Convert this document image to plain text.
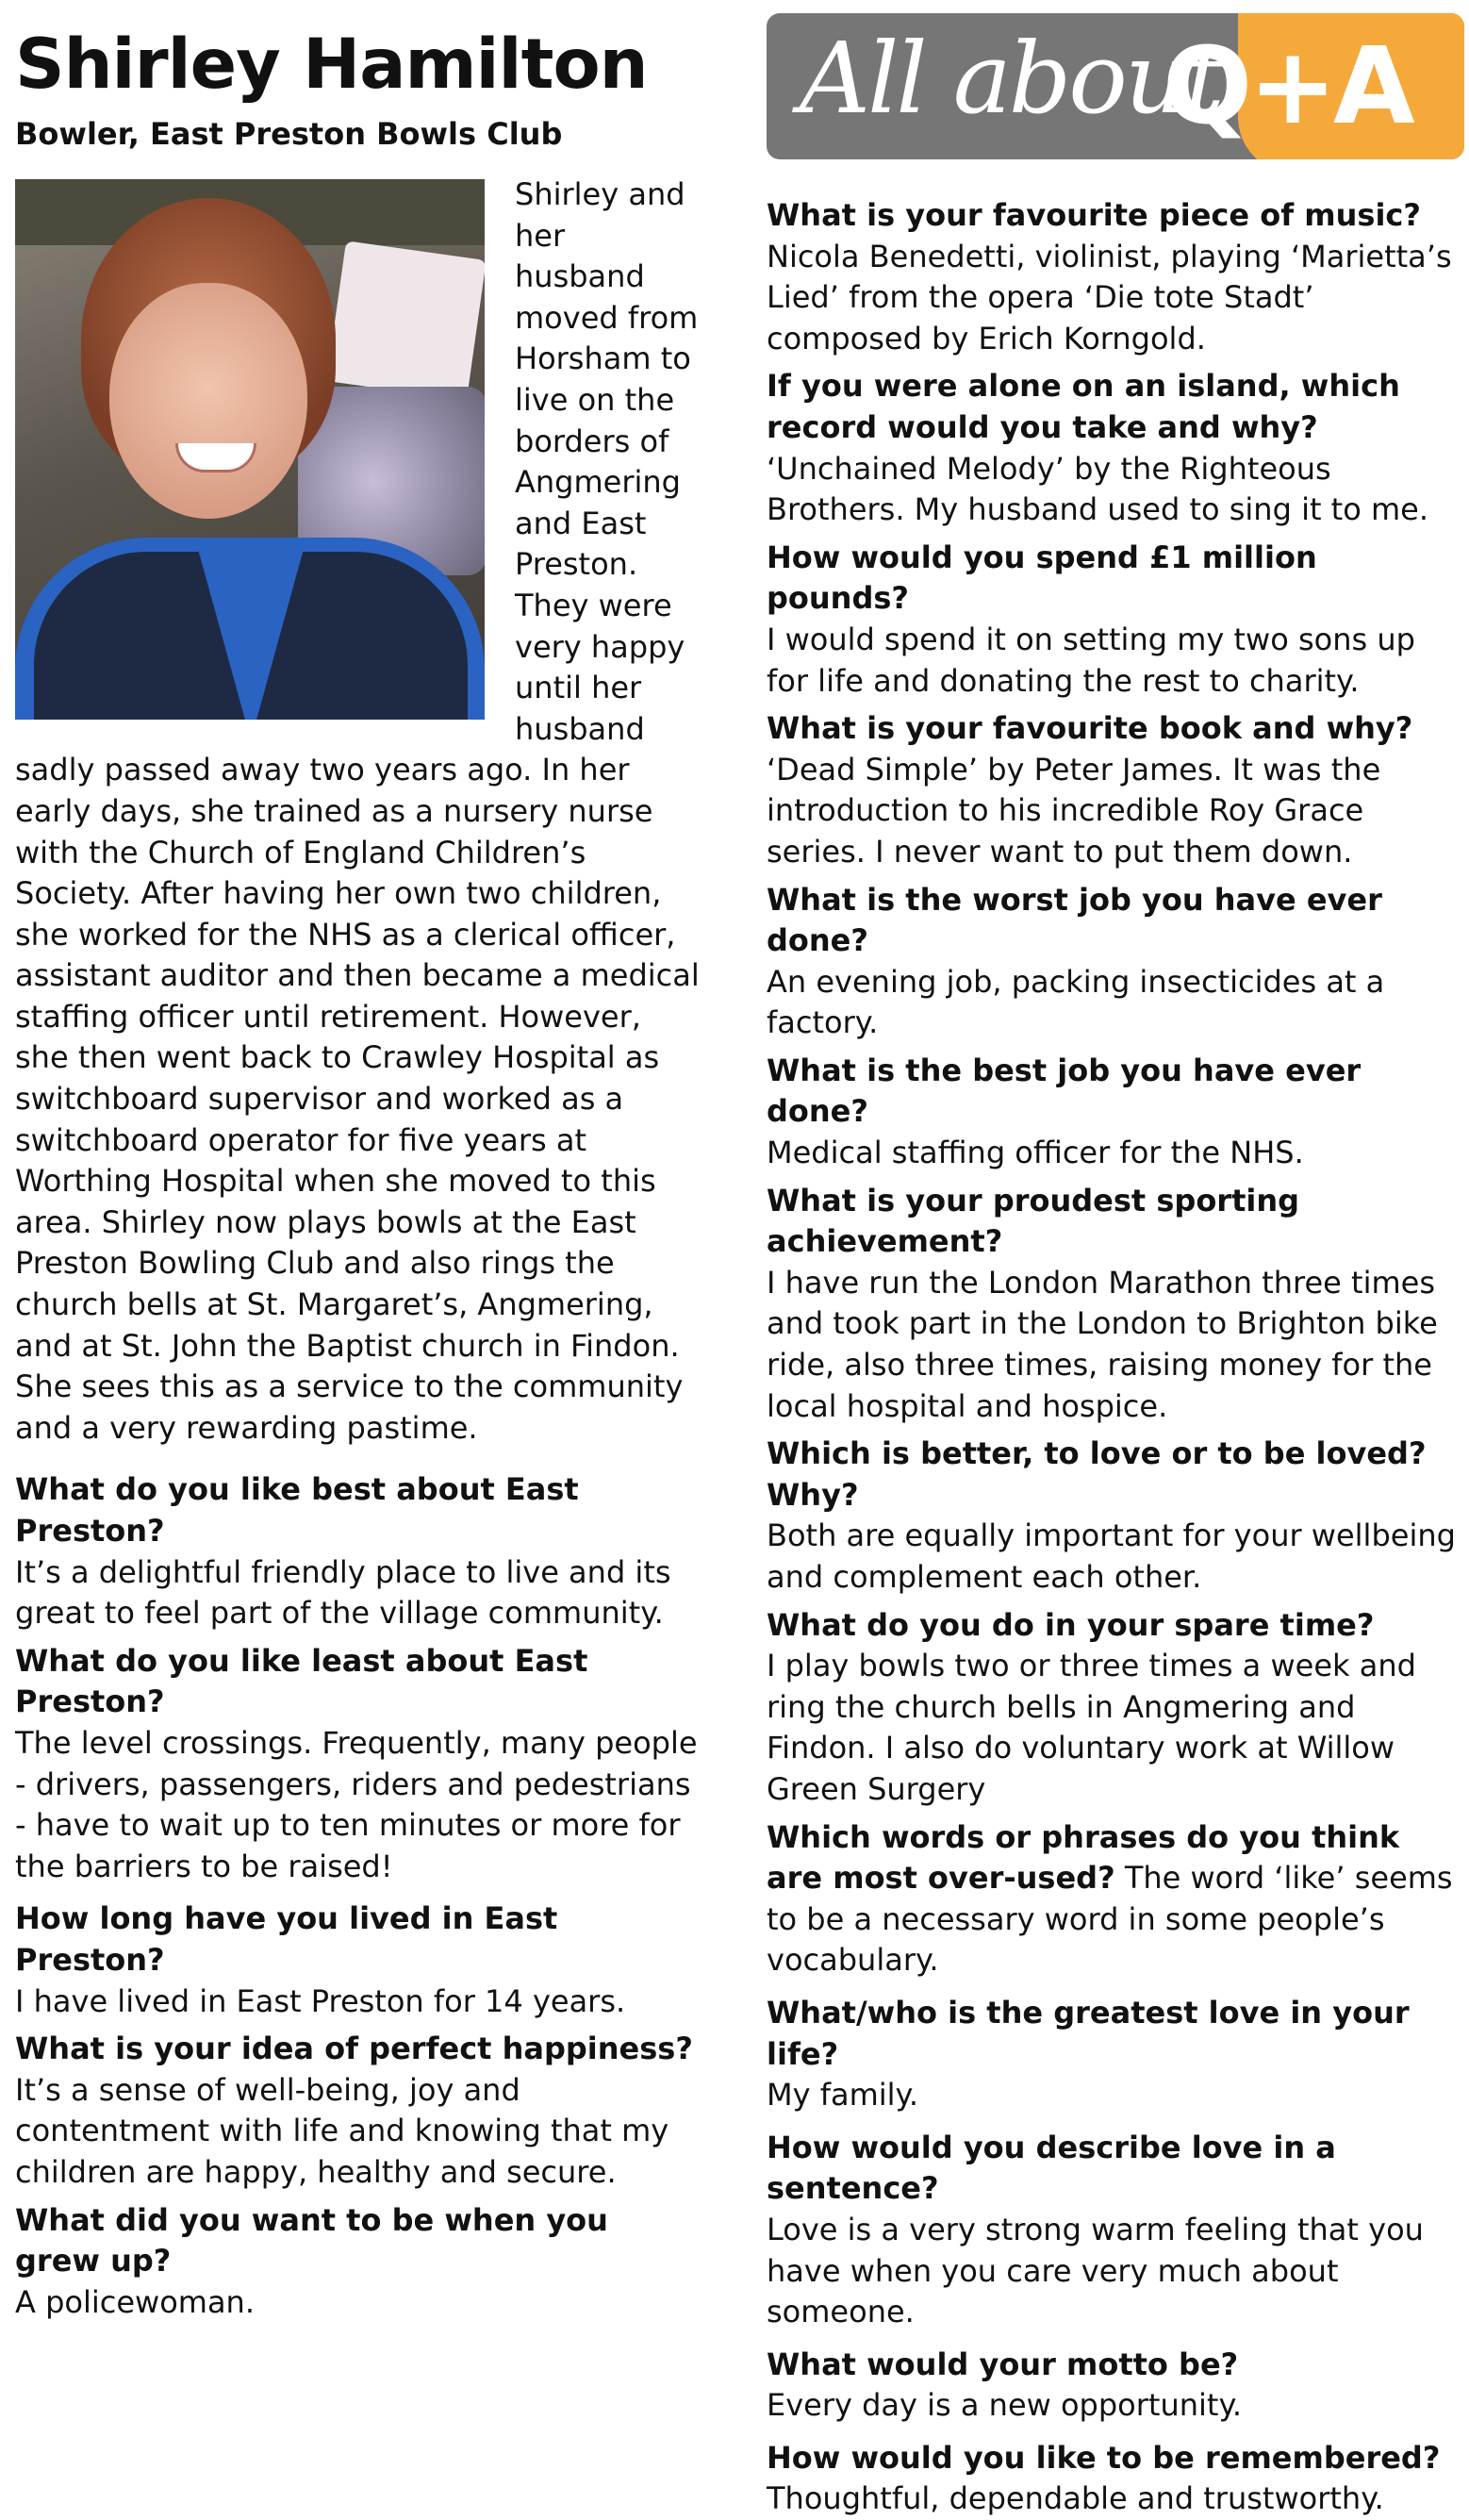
Shirley Hamilton
Bowler, East Preston Bowls Club

Shirley and her husband moved from Horsham to live on the borders of Angmering and East Preston. They were very happy until her husband sadly passed away two years ago. In her early days, she trained as a nursery nurse with the Church of England Children’s Society. After having her own two children, she worked for the NHS as a clerical officer, assistant auditor and then became a medical staffing officer until retirement. However, she then went back to Crawley Hospital as switchboard supervisor and worked as a switchboard operator for five years at Worthing Hospital when she moved to this area. Shirley now plays bowls at the East Preston Bowling Club and also rings the church bells at St. Margaret’s, Angmering, and at St. John the Baptist church in Findon. She sees this as a service to the community and a very rewarding pastime.

What do you like best about East Preston?

It’s a delightful friendly place to live and its great to feel part of the village community.

What do you like least about East Preston?

The level crossings. Frequently, many people - drivers, passengers, riders and pedestrians - have to wait up to ten minutes or more for the barriers to be raised!

How long have you lived in East Preston?

I have lived in East Preston for 14 years.

What is your idea of perfect happiness?

It’s a sense of well-being, joy and contentment with life and knowing that my children are happy, healthy and secure.

What did you want to be when you grew up?

A policewoman.

All about
Q+A

What is your favourite piece of music?

Nicola Benedetti, violinist, playing ‘Marietta’s Lied’ from the opera ‘Die tote Stadt’ composed by Erich Korngold.

If you were alone on an island, which record would you take and why?

‘Unchained Melody’ by the Righteous Brothers. My husband used to sing it to me.

How would you spend £1 million pounds?

I would spend it on setting my two sons up for life and donating the rest to charity.

What is your favourite book and why?

‘Dead Simple’ by Peter James. It was the introduction to his incredible Roy Grace series. I never want to put them down.

What is the worst job you have ever done?

An evening job, packing insecticides at a factory.

What is the best job you have ever done?

Medical staffing officer for the NHS.

What is your proudest sporting achievement?

I have run the London Marathon three times and took part in the London to Brighton bike ride, also three times, raising money for the local hospital and hospice.

Which is better, to love or to be loved? Why?

Both are equally important for your wellbeing and complement each other.

What do you do in your spare time?

I play bowls two or three times a week and ring the church bells in Angmering and Findon. I also do voluntary work at Willow Green Surgery

Which words or phrases do you think are most over-used? The word ‘like’ seems to be a necessary word in some people’s vocabulary.

What/who is the greatest love in your life?

My family.

How would you describe love in a sentence?

Love is a very strong warm feeling that you have when you care very much about someone.

What would your motto be?

Every day is a new opportunity.

How would you like to be remembered?

Thoughtful, dependable and trustworthy.
